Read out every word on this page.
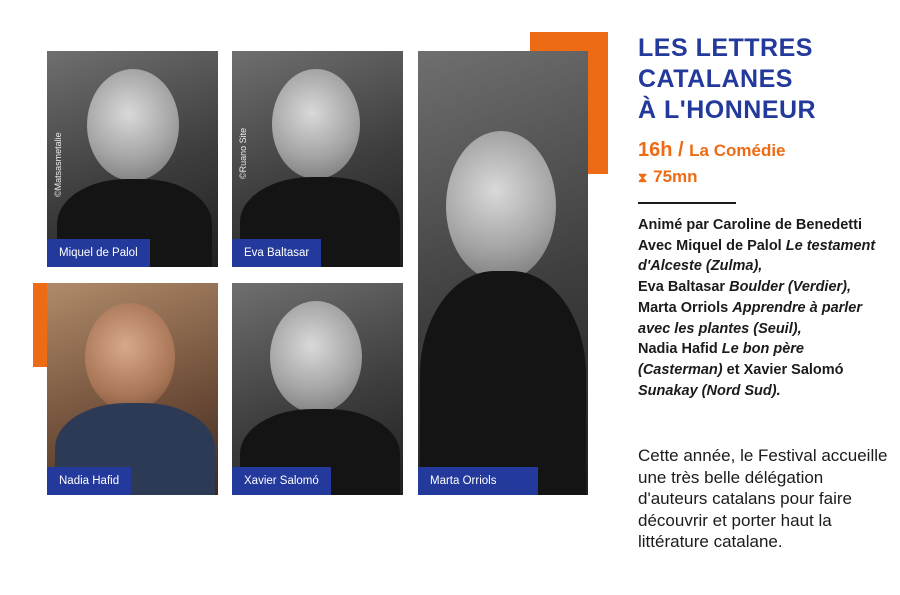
©Matsasmetalie
Miquel de Palol
©Ruano Site
Eva Baltasar
Nadia Hafid	Xavier Salomó	Marta Orriols
LES LETTRES
CATALANES
À L'HONNEUR
16h / La Comédie
⧗ 75mn
Animé par Caroline de Benedetti
Avec Miquel de Palol Le testament d'Alceste (Zulma),
Eva Baltasar Boulder (Verdier),
Marta Orriols Apprendre à parler avec les plantes (Seuil),
Nadia Hafid Le bon père (Casterman) et Xavier Salomó Sunakay (Nord Sud).
Cette année, le Festival accueille une très belle délégation d'auteurs catalans pour faire découvrir et porter haut la littérature catalane.
